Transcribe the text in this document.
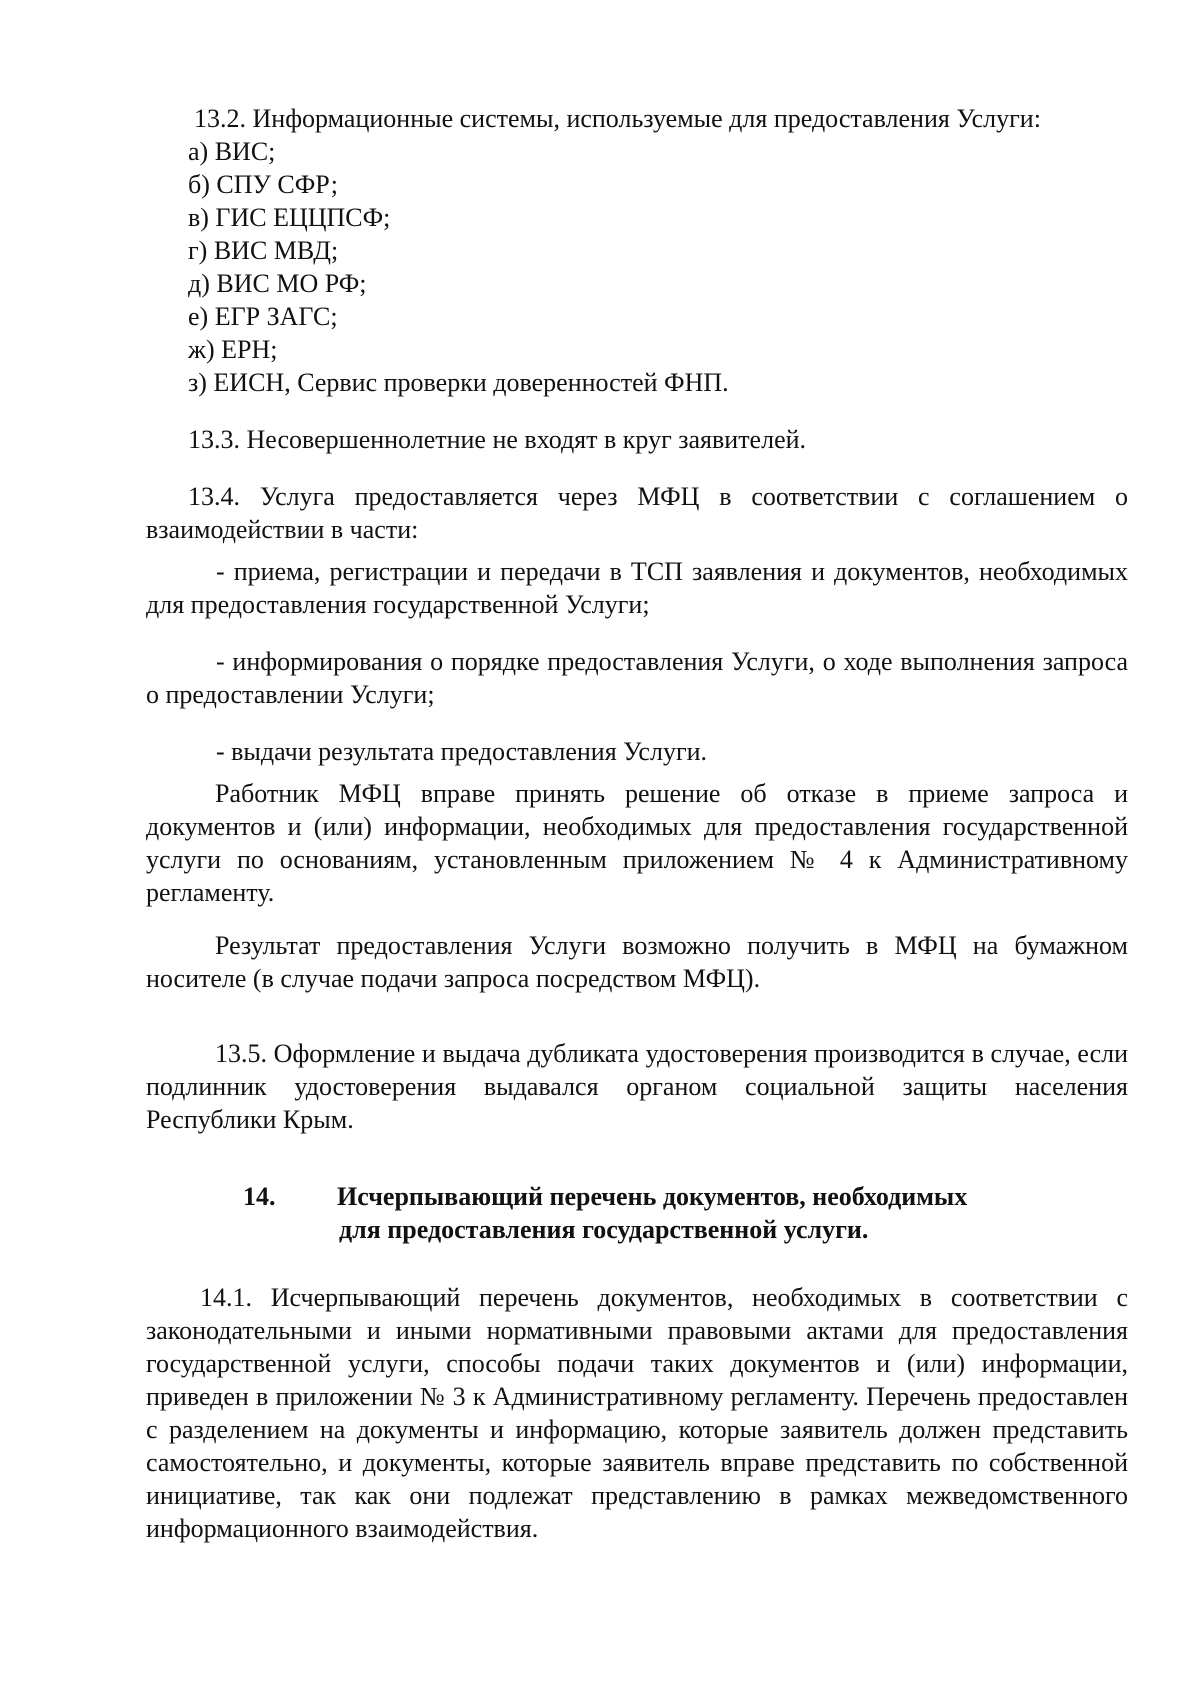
13.2. Информационные системы, используемые для предоставления Услуги:

а) ВИС;
б) СПУ СФР;
в) ГИС ЕЦЦПСФ;
г) ВИС МВД;
д) ВИС МО РФ;
е) ЕГР ЗАГС;
ж) ЕРН;
з) ЕИСН, Сервис проверки доверенностей ФНП.

13.3. Несовершеннолетние не входят в круг заявителей.

13.4. Услуга предоставляется через МФЦ в соответствии с соглашением о взаимодействии в части:

- приема, регистрации и передачи в ТСП заявления и документов, необходимых для предоставления государственной Услуги;

- информирования о порядке предоставления Услуги, о ходе выполнения запроса о предоставлении Услуги;

- выдачи результата предоставления Услуги.

Работник МФЦ вправе принять решение об отказе в приеме запроса и документов и (или) информации, необходимых для предоставления государственной услуги по основаниям, установленным приложением № 4 к Административному регламенту.

Результат предоставления Услуги возможно получить в МФЦ на бумажном носителе (в случае подачи запроса посредством МФЦ).

13.5. Оформление и выдача дубликата удостоверения производится в случае, если подлинник удостоверения выдавался органом социальной защиты населения Республики Крым.

14. Исчерпывающий перечень документов, необходимых
для предоставления государственной услуги.

14.1. Исчерпывающий перечень документов, необходимых в соответствии с законодательными и иными нормативными правовыми актами для предоставления государственной услуги, способы подачи таких документов и (или) информации, приведен в приложении № 3 к Административному регламенту. Перечень предоставлен с разделением на документы и информацию, которые заявитель должен представить самостоятельно, и документы, которые заявитель вправе представить по собственной инициативе, так как они подлежат представлению в рамках межведомственного информационного взаимодействия.
